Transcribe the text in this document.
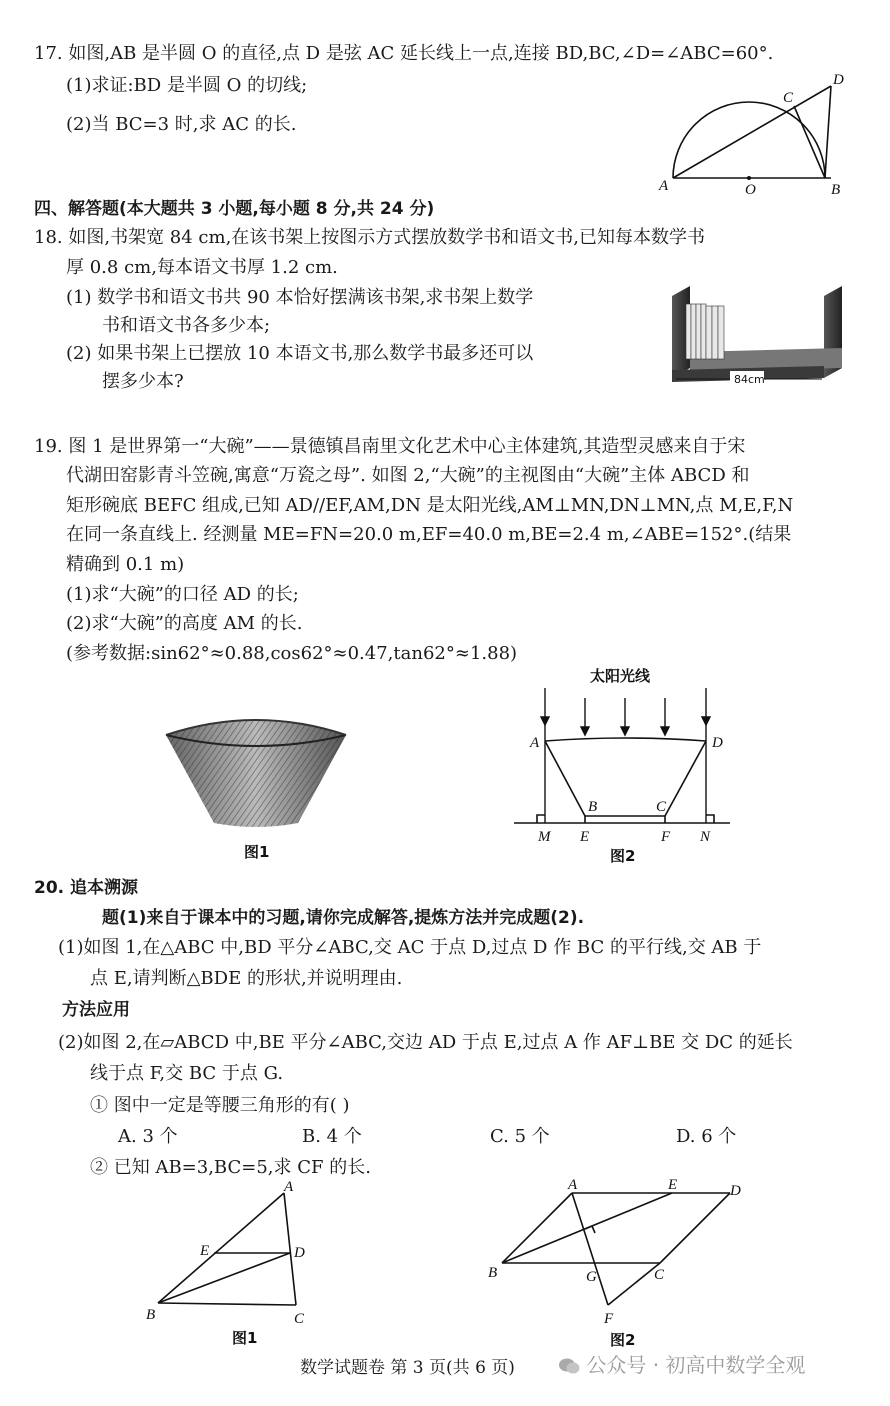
17. 如图,AB 是半圆 O 的直径,点 D 是弦 AC 延长线上一点,连接 BD,BC,∠D=∠ABC=60°.
(1)求证:BD 是半圆 O 的切线;
(2)当 BC=3 时,求 AC 的长.
A	O	B
C
D
四、解答题(本大题共 3 小题,每小题 8 分,共 24 分)
18. 如图,书架宽 84 cm,在该书架上按图示方式摆放数学书和语文书,已知每本数学书
厚 0.8 cm,每本语文书厚 1.2 cm.
(1) 数学书和语文书共 90 本恰好摆满该书架,求书架上数学
书和语文书各多少本;
(2) 如果书架上已摆放 10 本语文书,那么数学书最多还可以
摆多少本?	84cm
19. 图 1 是世界第一“大碗”——景德镇昌南里文化艺术中心主体建筑,其造型灵感来自于宋
代湖田窑影青斗笠碗,寓意“万瓷之母”. 如图 2,“大碗”的主视图由“大碗”主体 ABCD 和
矩形碗底 BEFC 组成,已知 AD//EF,AM,DN 是太阳光线,AM⊥MN,DN⊥MN,点 M,E,F,N
在同一条直线上. 经测量 ME=FN=20.0 m,EF=40.0 m,BE=2.4 m,∠ABE=152°.(结果
精确到 0.1 m)
(1)求“大碗”的口径 AD 的长;
(2)求“大碗”的高度 AM 的长.
(参考数据:sin62°≈0.88,cos62°≈0.47,tan62°≈1.88)
图1
太阳光线
A	D
B	C
M E	F N
图2
20. 追本溯源
题(1)来自于课本中的习题,请你完成解答,提炼方法并完成题(2).
(1)如图 1,在△ABC 中,BD 平分∠ABC,交 AC 于点 D,过点 D 作 BC 的平行线,交 AB 于
点 E,请判断△BDE 的形状,并说明理由.
方法应用
(2)如图 2,在▱ABCD 中,BE 平分∠ABC,交边 AD 于点 E,过点 A 作 AF⊥BE 交 DC 的延长
线于点 F,交 BC 于点 G.
① 图中一定是等腰三角形的有( )
A. 3 个	B. 4 个	C. 5 个	D. 6 个
② 已知 AB=3,BC=5,求 CF 的长.
A
E	D
B	C
图1
A	E	D
B	G	C
F
图2
数学试题卷 第 3 页(共 6 页)	公众号 · 初高中数学全观
